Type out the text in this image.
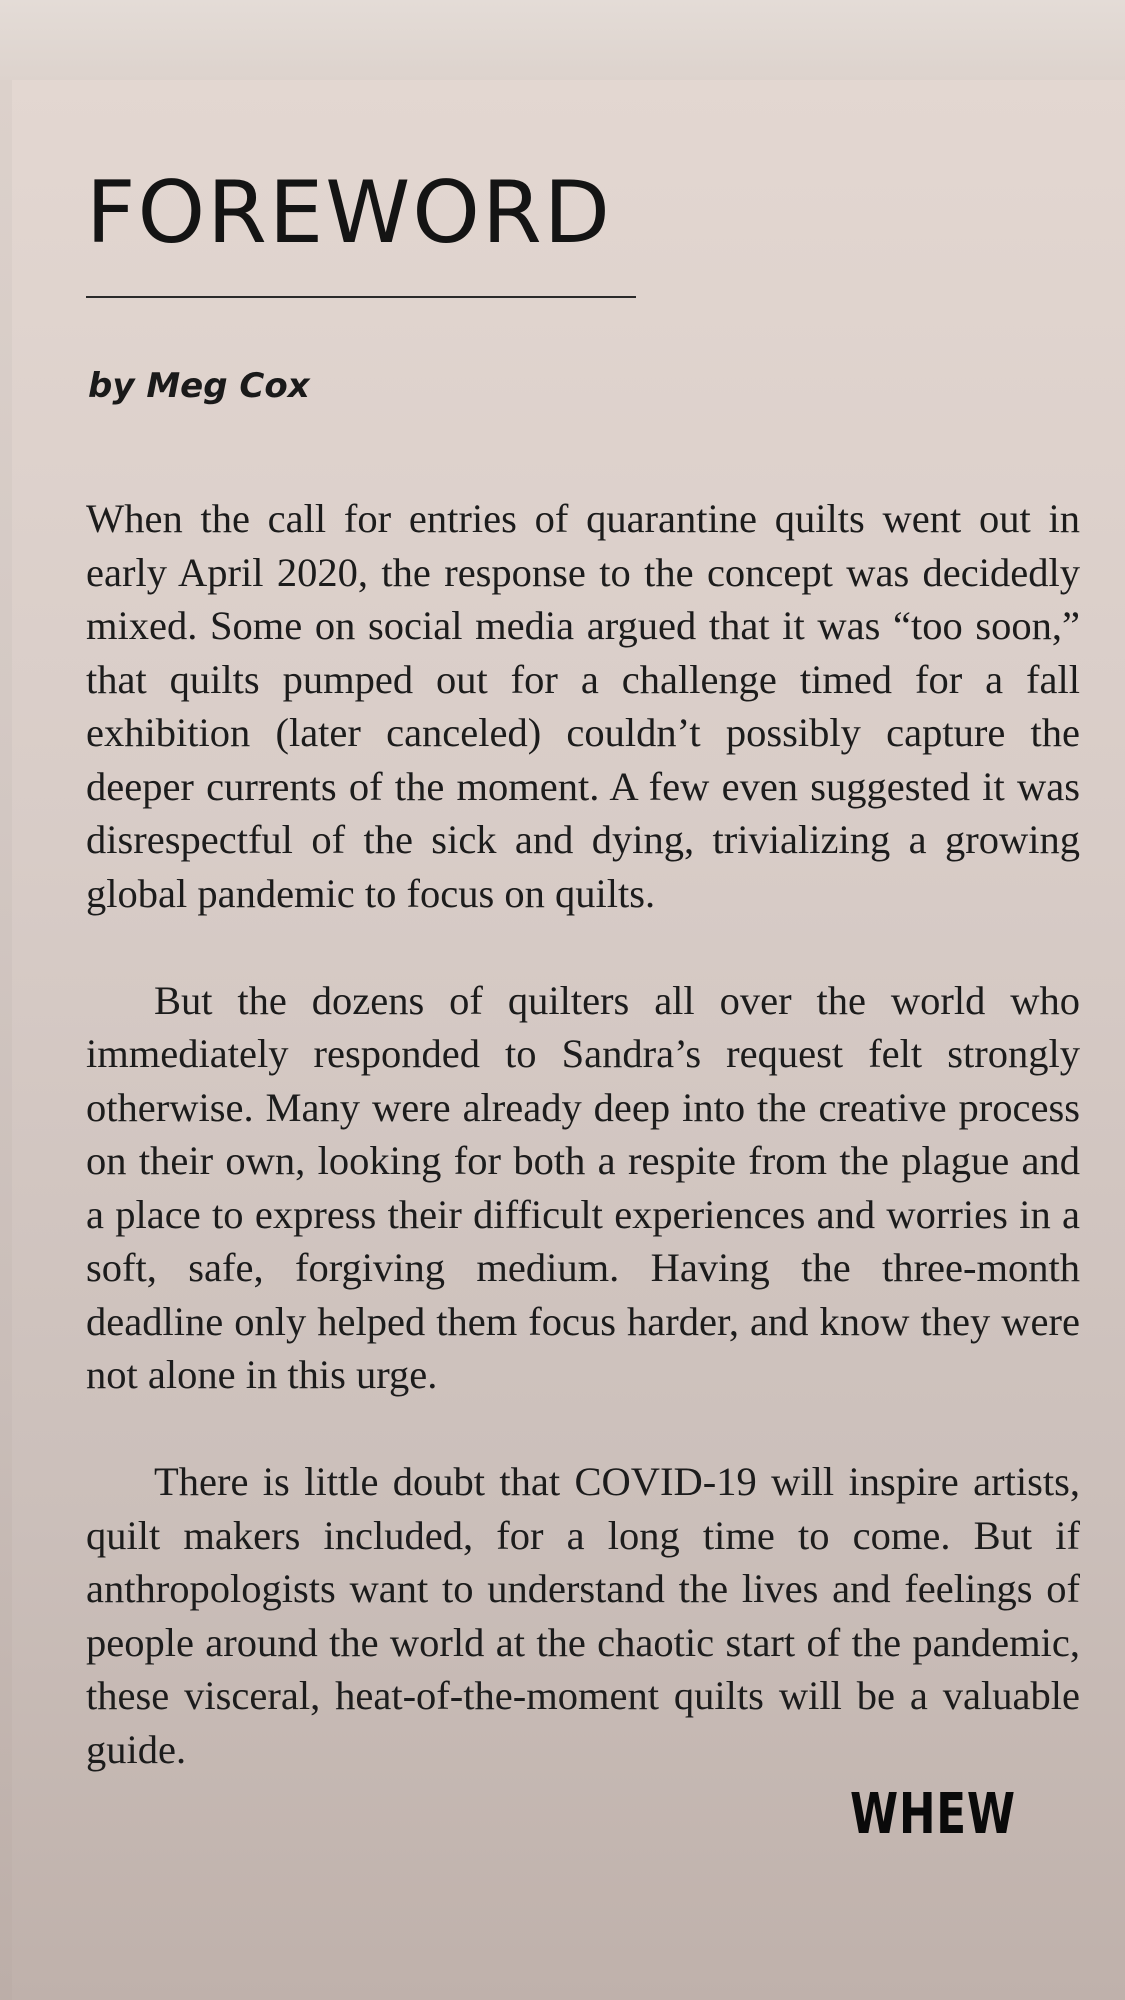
FOREWORD
by Meg Cox

When the call for entries of quarantine quilts went out in early April 2020, the response to the concept was decidedly mixed. Some on social media argued that it was “too soon,” that quilts pumped out for a challenge timed for a fall exhibition (later canceled) couldn’t possibly capture the deeper currents of the moment. A few even suggested it was disrespectful of the sick and dying, trivializing a growing global pandemic to focus on quilts.

But the dozens of quilters all over the world who immediately responded to Sandra’s request felt strongly otherwise. Many were already deep into the creative process on their own, looking for both a respite from the plague and a place to express their difficult experiences and worries in a soft, safe, forgiving medium. Having the three-month deadline only helped them focus harder, and know they were not alone in this urge.

There is little doubt that COVID-19 will inspire artists, quilt makers included, for a long time to come. But if anthropologists want to understand the lives and feelings of people around the world at the chaotic start of the pandemic, these visceral, heat-of-the-moment quilts will be a valuable guide.

WHEW
